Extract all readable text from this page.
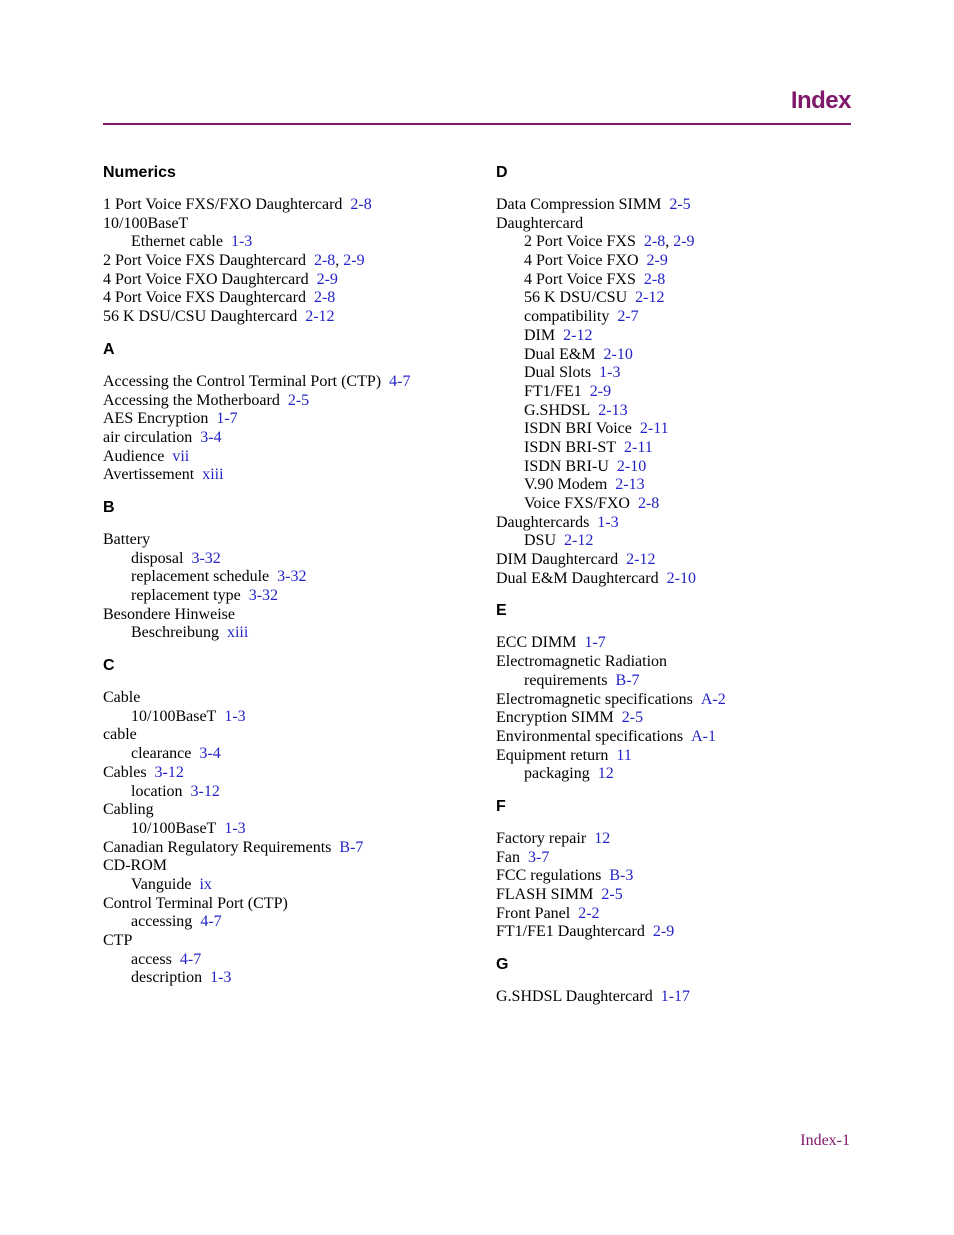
Index
Numerics
1 Port Voice FXS/FXO Daughtercard 2-8
10/100BaseT
Ethernet cable 1-3
2 Port Voice FXS Daughtercard 2-8, 2-9
4 Port Voice FXO Daughtercard 2-9
4 Port Voice FXS Daughtercard 2-8
56 K DSU/CSU Daughtercard 2-12
A
Accessing the Control Terminal Port (CTP) 4-7
Accessing the Motherboard 2-5
AES Encryption 1-7
air circulation 3-4
Audience vii
Avertissement xiii
B
Battery
disposal 3-32
replacement schedule 3-32
replacement type 3-32
Besondere Hinweise
Beschreibung xiii
C
Cable
10/100BaseT 1-3
cable
clearance 3-4
Cables 3-12
location 3-12
Cabling
10/100BaseT 1-3
Canadian Regulatory Requirements B-7
CD-ROM
Vanguide ix
Control Terminal Port (CTP)
accessing 4-7
CTP
access 4-7
description 1-3
D
Data Compression SIMM 2-5
Daughtercard
2 Port Voice FXS 2-8, 2-9
4 Port Voice FXO 2-9
4 Port Voice FXS 2-8
56 K DSU/CSU 2-12
compatibility 2-7
DIM 2-12
Dual E&M 2-10
Dual Slots 1-3
FT1/FE1 2-9
G.SHDSL 2-13
ISDN BRI Voice 2-11
ISDN BRI-ST 2-11
ISDN BRI-U 2-10
V.90 Modem 2-13
Voice FXS/FXO 2-8
Daughtercards 1-3
DSU 2-12
DIM Daughtercard 2-12
Dual E&M Daughtercard 2-10
E
ECC DIMM 1-7
Electromagnetic Radiation
requirements B-7
Electromagnetic specifications A-2
Encryption SIMM 2-5
Environmental specifications A-1
Equipment return 11
packaging 12
F
Factory repair 12
Fan 3-7
FCC regulations B-3
FLASH SIMM 2-5
Front Panel 2-2
FT1/FE1 Daughtercard 2-9
G
G.SHDSL Daughtercard 1-17
Index-1
